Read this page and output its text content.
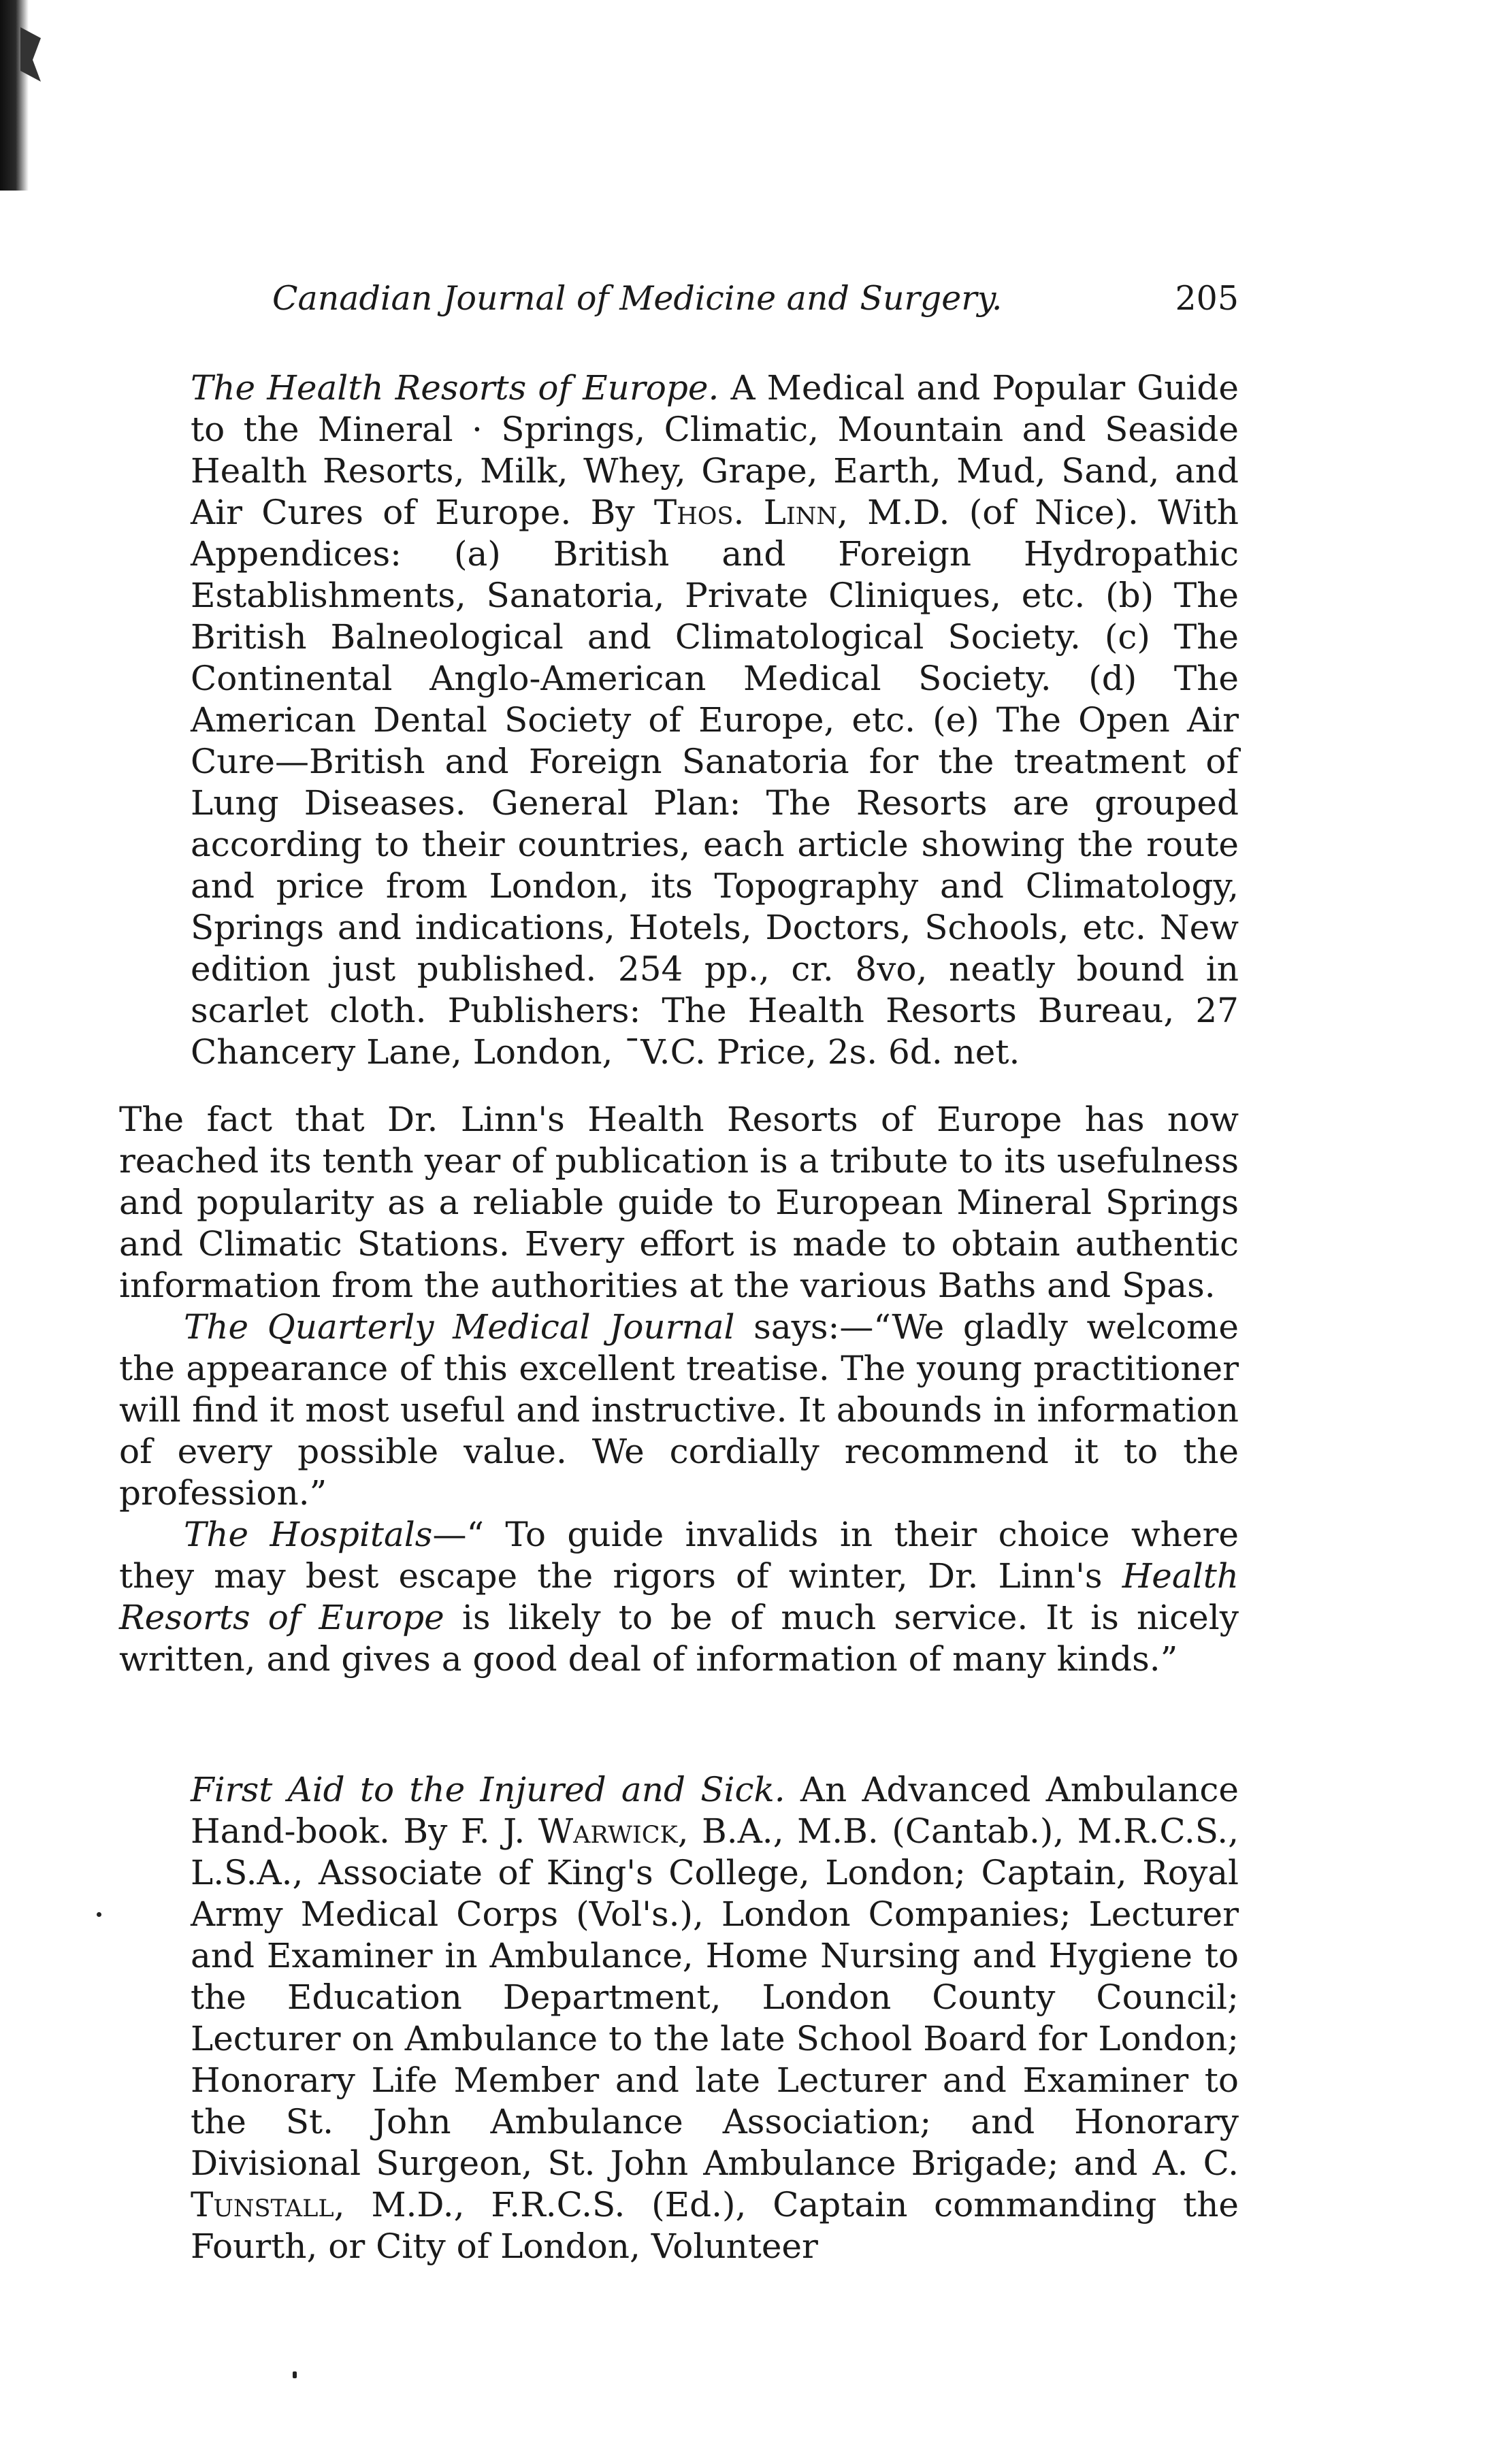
Canadian Journal of Medicine and Surgery.	205

The Health Resorts of Europe. A Medical and Popular Guide to the Mineral · Springs, Climatic, Mountain and Seaside Health Resorts, Milk, Whey, Grape, Earth, Mud, Sand, and Air Cures of Europe. By Thos. Linn, M.D. (of Nice). With Appendices: (a) British and Foreign Hydropathic Establishments, Sanatoria, Private Cliniques, etc. (b) The British Balneological and Climatological Society. (c) The Continental Anglo-American Medical Society. (d) The American Dental Society of Europe, etc. (e) The Open Air Cure—British and Foreign Sanatoria for the treatment of Lung Diseases. General Plan: The Resorts are grouped according to their countries, each article showing the route and price from London, its Topography and Climatology, Springs and indications, Hotels, Doctors, Schools, etc. New edition just published. 254 pp., cr. 8vo, neatly bound in scarlet cloth. Publishers: The Health Resorts Bureau, 27 Chancery Lane, London, ˉV.C. Price, 2s. 6d. net.

The fact that Dr. Linn's Health Resorts of Europe has now reached its tenth year of publication is a tribute to its usefulness and popularity as a reliable guide to European Mineral Springs and Climatic Stations. Every effort is made to obtain authentic information from the authorities at the various Baths and Spas.

The Quarterly Medical Journal says:—“We gladly welcome the appearance of this excellent treatise. The young practitioner will find it most useful and instructive. It abounds in information of every possible value. We cordially recommend it to the profession.”

The Hospitals—“ To guide invalids in their choice where they may best escape the rigors of winter, Dr. Linn's Health Resorts of Europe is likely to be of much service. It is nicely written, and gives a good deal of information of many kinds.”

First Aid to the Injured and Sick. An Advanced Ambulance Hand-book. By F. J. Warwick, B.A., M.B. (Cantab.), M.R.C.S., L.S.A., Associate of King's College, London; Captain, Royal Army Medical Corps (Vol's.), London Companies; Lecturer and Examiner in Ambulance, Home Nursing and Hygiene to the Education Department, London County Council; Lecturer on Ambulance to the late School Board for London; Honorary Life Member and late Lecturer and Examiner to the St. John Ambulance Association; and Honorary Divisional Surgeon, St. John Ambulance Brigade; and A. C. Tunstall, M.D., F.R.C.S. (Ed.), Captain commanding the Fourth, or City of London, Volunteer
